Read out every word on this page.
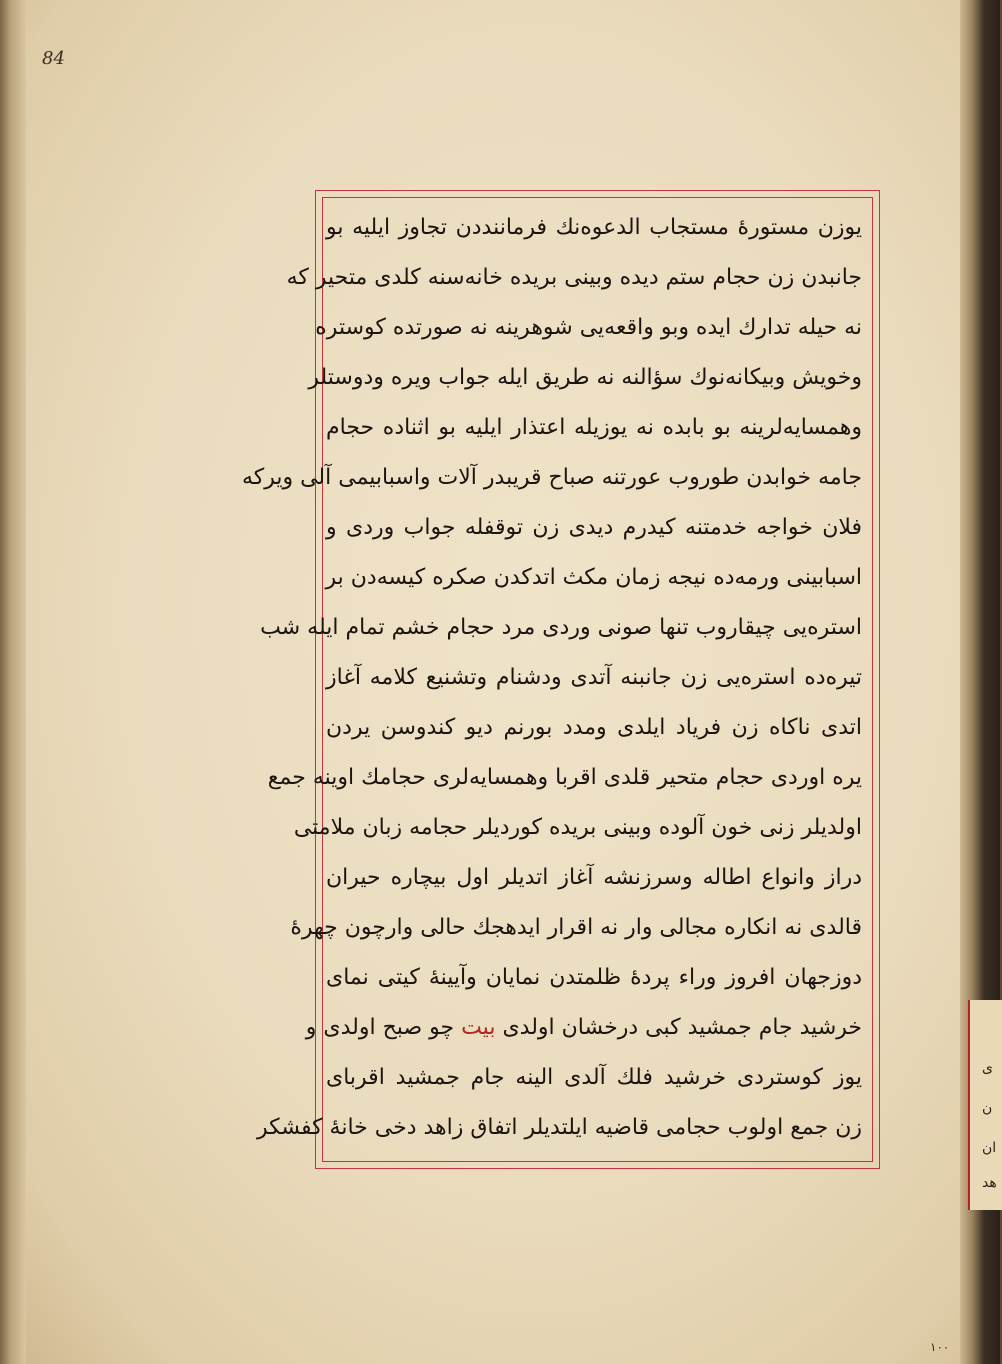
ی
ن
ان
هد

84

یوزن مستورهٔ مستجاب الدعوه‌نك فرماننددن تجاوز ایلیه بو
جانبدن زن حجام ستم دیده وبینی بریده خانه‌سنه كلدی متحیر كه
نه حیله تدارك ایده وبو واقعه‌یی شوهرینه نه صورتده كوستره
وخویش وبیكانه‌نوك سؤالنه نه طریق ایله جواب ویره ودوستلر
وهمسایه‌لرینه بو بابده نه یوزیله اعتذار ایلیه بو اثناده حجام
جامه خوابدن طوروب عورتنه صباح قریبدر آلات واسبابیمی آلی ویركه
فلان خواجه خدمتنه كیدرم دیدی زن توقفله جواب وردی و
اسبابینی ورمه‌ده نیجه زمان مكث اتدكدن صكره كیسه‌دن بر
استره‌یی چیقاروب تنها صونی وردی مرد حجام خشم تمام ایله شب
تیره‌ده استره‌یی زن جانبنه آتدی ودشنام وتشنیع كلامه آغاز
اتدی ناكاه زن فریاد ایلدی ومدد بورنم دیو كندوسن یردن
یره اوردی حجام متحیر قلدی اقربا وهمسایه‌لری حجامك اوینه جمع
اولدیلر زنی خون آلوده وبینی بریده كوردیلر حجامه زبان ملامتی
دراز وانواع اطاله وسرزنشه آغاز اتدیلر اول بیچاره حیران
قالدی نه انكاره مجالی وار نه اقرار ایدهجك حالی وارچون چهرهٔ
دوزجهان افروز وراء پردهٔ ظلمتدن نمایان وآیینهٔ كیتی نمای
خرشید جام جمشید كبی درخشان اولدی بیت چو صبح اولدی و
یوز كوستردی خرشید فلك آلدی الینه جام جمشید اقربای
زن جمع اولوب حجامی قاضیه ایلتدیلر اتفاق زاهد دخی خانهٔ كفشكر

١٠٠
